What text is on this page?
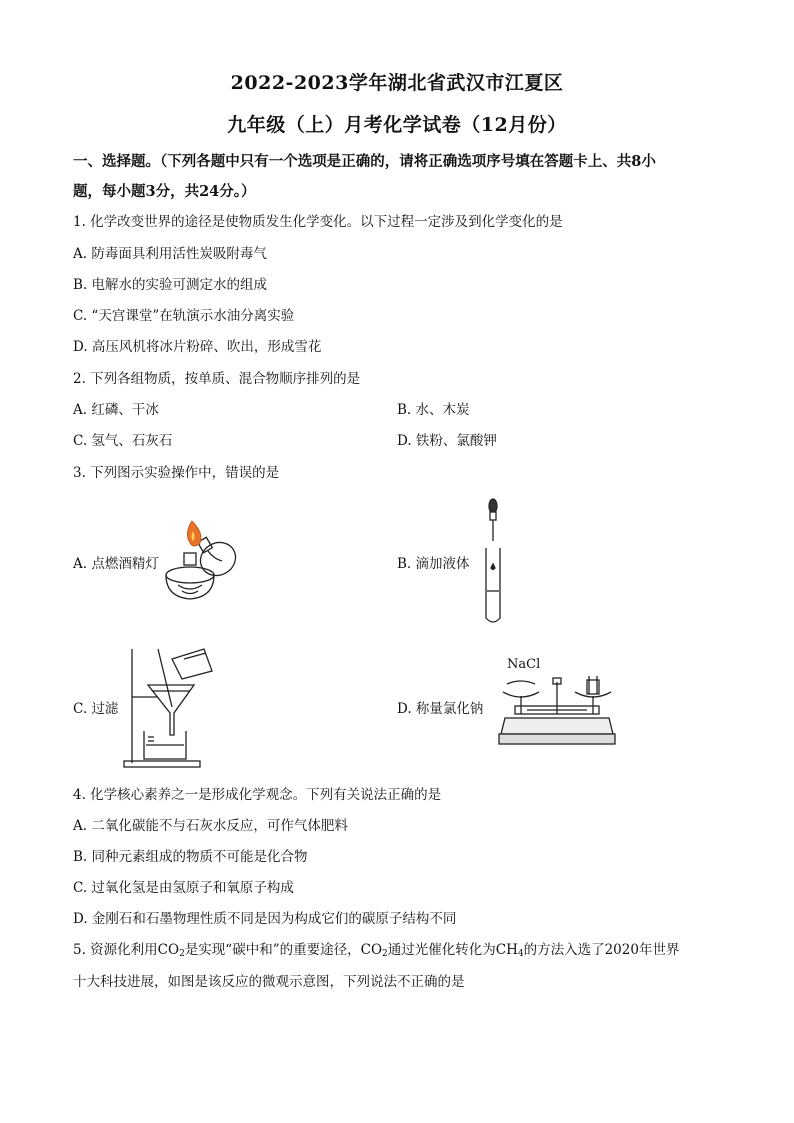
2022-2023学年湖北省武汉市江夏区
九年级（上）月考化学试卷（12月份）
一、选择题。（下列各题中只有一个选项是正确的，请将正确选项序号填在答题卡上、共8小
题，每小题3分，共24分。）
1. 化学改变世界的途径是使物质发生化学变化。以下过程一定涉及到化学变化的是
A. 防毒面具利用活性炭吸附毒气
B. 电解水的实验可测定水的组成
C. “天宫课堂”在轨演示水油分离实验
D. 高压风机将冰片粉碎、吹出，形成雪花
2. 下列各组物质，按单质、混合物顺序排列的是
A. 红磷、干冰	B. 水、木炭
C. 氢气、石灰石	D. 铁粉、氯酸钾
3. 下列图示实验操作中，错误的是
A. 点燃酒精灯	B. 滴加液体
C. 过滤	D. 称量氯化钠
NaCl
4. 化学核心素养之一是形成化学观念。下列有关说法正确的是
A. 二氧化碳能不与石灰水反应，可作气体肥料
B. 同种元素组成的物质不可能是化合物
C. 过氧化氢是由氢原子和氧原子构成
D. 金刚石和石墨物理性质不同是因为构成它们的碳原子结构不同
5. 资源化利用$CO_2$是实现“碳中和”的重要途径，$CO_2$通过光催化转化为$CH_4$的方法入选了2020年世界
十大科技进展，如图是该反应的微观示意图，下列说法不正确的是
